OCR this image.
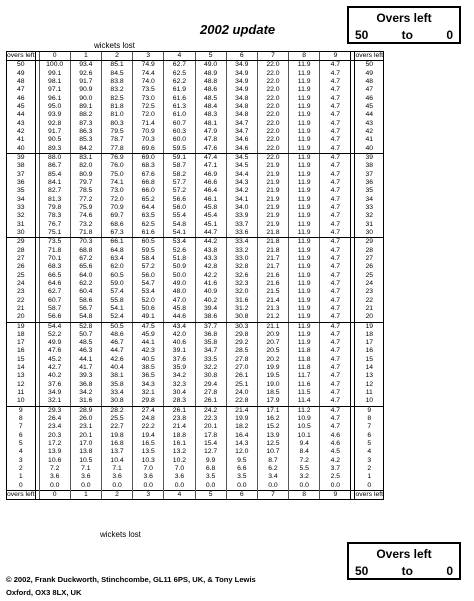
2002 update
Overs left
50	to	0
wickets lost
overs left		0	1	2	3	4	5	6	7	8	9		overs left
50		100.0	93.4	85.1	74.9	62.7	49.0	34.9	22.0	11.9	4.7		50
49		99.1	92.6	84.5	74.4	62.5	48.9	34.9	22.0	11.9	4.7		49
48		98.1	91.7	83.8	74.0	62.2	48.8	34.9	22.0	11.9	4.7		48
47		97.1	90.9	83.2	73.5	61.9	48.6	34.9	22.0	11.9	4.7		47
46		96.1	90.0	82.5	73.0	61.6	48.5	34.8	22.0	11.9	4.7		46
45		95.0	89.1	81.8	72.5	61.3	48.4	34.8	22.0	11.9	4.7		45
44		93.9	88.2	81.0	72.0	61.0	48.3	34.8	22.0	11.9	4.7		44
43		92.8	87.3	80.3	71.4	60.7	48.1	34.7	22.0	11.9	4.7		43
42		91.7	86.3	79.5	70.9	60.3	47.9	34.7	22.0	11.9	4.7		42
41		90.5	85.3	78.7	70.3	60.0	47.8	34.6	22.0	11.9	4.7		41
40		89.3	84.2	77.8	69.6	59.5	47.6	34.6	22.0	11.9	4.7		40
39		88.0	83.1	76.9	69.0	59.1	47.4	34.5	22.0	11.9	4.7		39
38		86.7	82.0	76.0	68.3	58.7	47.1	34.5	21.9	11.9	4.7		38
37		85.4	80.9	75.0	67.6	58.2	46.9	34.4	21.9	11.9	4.7		37
36		84.1	79.7	74.1	66.8	57.7	46.6	34.3	21.9	11.9	4.7		36
35		82.7	78.5	73.0	66.0	57.2	46.4	34.2	21.9	11.9	4.7		35
34		81.3	77.2	72.0	65.2	56.6	46.1	34.1	21.9	11.9	4.7		34
33		79.8	75.9	70.9	64.4	56.0	45.8	34.0	21.9	11.9	4.7		33
32		78.3	74.6	69.7	63.5	55.4	45.4	33.9	21.9	11.9	4.7		32
31		76.7	73.2	68.6	62.5	54.8	45.1	33.7	21.9	11.9	4.7		31
30		75.1	71.8	67.3	61.6	54.1	44.7	33.6	21.8	11.9	4.7		30
29		73.5	70.3	66.1	60.5	53.4	44.2	33.4	21.8	11.9	4.7		29
28		71.8	68.8	64.8	59.5	52.6	43.8	33.2	21.8	11.9	4.7		28
27		70.1	67.2	63.4	58.4	51.8	43.3	33.0	21.7	11.9	4.7		27
26		68.3	65.6	62.0	57.2	50.9	42.8	32.8	21.7	11.9	4.7		26
25		66.5	64.0	60.5	56.0	50.0	42.2	32.6	21.6	11.9	4.7		25
24		64.6	62.2	59.0	54.7	49.0	41.6	32.3	21.6	11.9	4.7		24
23		62.7	60.4	57.4	53.4	48.0	40.9	32.0	21.5	11.9	4.7		23
22		60.7	58.6	55.8	52.0	47.0	40.2	31.6	21.4	11.9	4.7		22
21		58.7	56.7	54.1	50.6	45.8	39.4	31.2	21.3	11.9	4.7		21
20		56.6	54.8	52.4	49.1	44.6	38.6	30.8	21.2	11.9	4.7		20
19		54.4	52.8	50.5	47.5	43.4	37.7	30.3	21.1	11.9	4.7		19
18		52.2	50.7	48.6	45.9	42.0	36.8	29.8	20.9	11.9	4.7		18
17		49.9	48.5	46.7	44.1	40.6	35.8	29.2	20.7	11.9	4.7		17
16		47.6	46.3	44.7	42.3	39.1	34.7	28.5	20.5	11.8	4.7		16
15		45.2	44.1	42.6	40.5	37.6	33.5	27.8	20.2	11.8	4.7		15
14		42.7	41.7	40.4	38.5	35.9	32.2	27.0	19.9	11.8	4.7		14
13		40.2	39.3	38.1	36.5	34.2	30.8	26.1	19.5	11.7	4.7		13
12		37.6	36.8	35.8	34.3	32.3	29.4	25.1	19.0	11.6	4.7		12
11		34.9	34.2	33.4	32.1	30.4	27.8	24.0	18.5	11.5	4.7		11
10		32.1	31.6	30.8	29.8	28.3	26.1	22.8	17.9	11.4	4.7		10
9		29.3	28.9	28.2	27.4	26.1	24.2	21.4	17.1	11.2	4.7		9
8		26.4	26.0	25.5	24.8	23.8	22.3	19.9	16.2	10.9	4.7		8
7		23.4	23.1	22.7	22.2	21.4	20.1	18.2	15.2	10.5	4.7		7
6		20.3	20.1	19.8	19.4	18.8	17.8	16.4	13.9	10.1	4.6		6
5		17.2	17.0	16.8	16.5	16.1	15.4	14.3	12.5	9.4	4.6		5
4		13.9	13.8	13.7	13.5	13.2	12.7	12.0	10.7	8.4	4.5		4
3		10.6	10.5	10.4	10.3	10.2	9.9	9.5	8.7	7.2	4.2		3
2		7.2	7.1	7.1	7.0	7.0	6.8	6.6	6.2	5.5	3.7		2
1		3.6	3.6	3.6	3.6	3.6	3.5	3.5	3.4	3.2	2.5		1
0		0.0	0.0	0.0	0.0	0.0	0.0	0.0	0.0	0.0	0.0		0
overs left		0	1	2	3	4	5	6	7	8	9		overs left
wickets lost
Overs left
50	to	0
© 2002, Frank Duckworth, Stinchcombe, GL11 6PS, UK, & Tony Lewis
Oxford, OX3 8LX, UK
